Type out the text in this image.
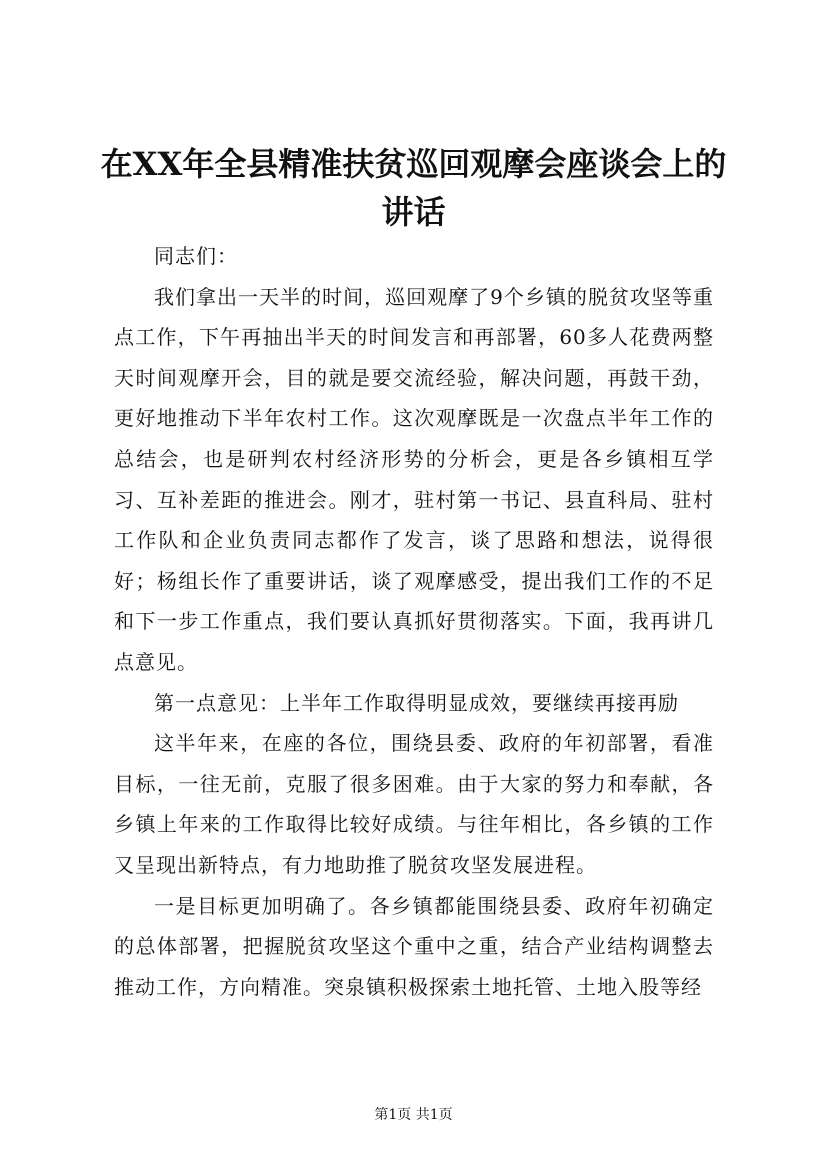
在XX年全县精准扶贫巡回观摩会座谈会上的讲话

同志们：

我们拿出一天半的时间，巡回观摩了9个乡镇的脱贫攻坚等重点工作，下午再抽出半天的时间发言和再部署，60多人花费两整天时间观摩开会，目的就是要交流经验，解决问题，再鼓干劲，更好地推动下半年农村工作。这次观摩既是一次盘点半年工作的总结会，也是研判农村经济形势的分析会，更是各乡镇相互学习、互补差距的推进会。刚才，驻村第一书记、县直科局、驻村工作队和企业负责同志都作了发言，谈了思路和想法，说得很好；杨组长作了重要讲话，谈了观摩感受，提出我们工作的不足和下一步工作重点，我们要认真抓好贯彻落实。下面，我再讲几点意见。

第一点意见：上半年工作取得明显成效，要继续再接再励

这半年来，在座的各位，围绕县委、政府的年初部署，看准目标，一往无前，克服了很多困难。由于大家的努力和奉献，各乡镇上年来的工作取得比较好成绩。与往年相比，各乡镇的工作又呈现出新特点，有力地助推了脱贫攻坚发展进程。

一是目标更加明确了。各乡镇都能围绕县委、政府年初确定的总体部署，把握脱贫攻坚这个重中之重，结合产业结构调整去推动工作，方向精准。突泉镇积极探索土地托管、土地入股等经

第1页 共1页
